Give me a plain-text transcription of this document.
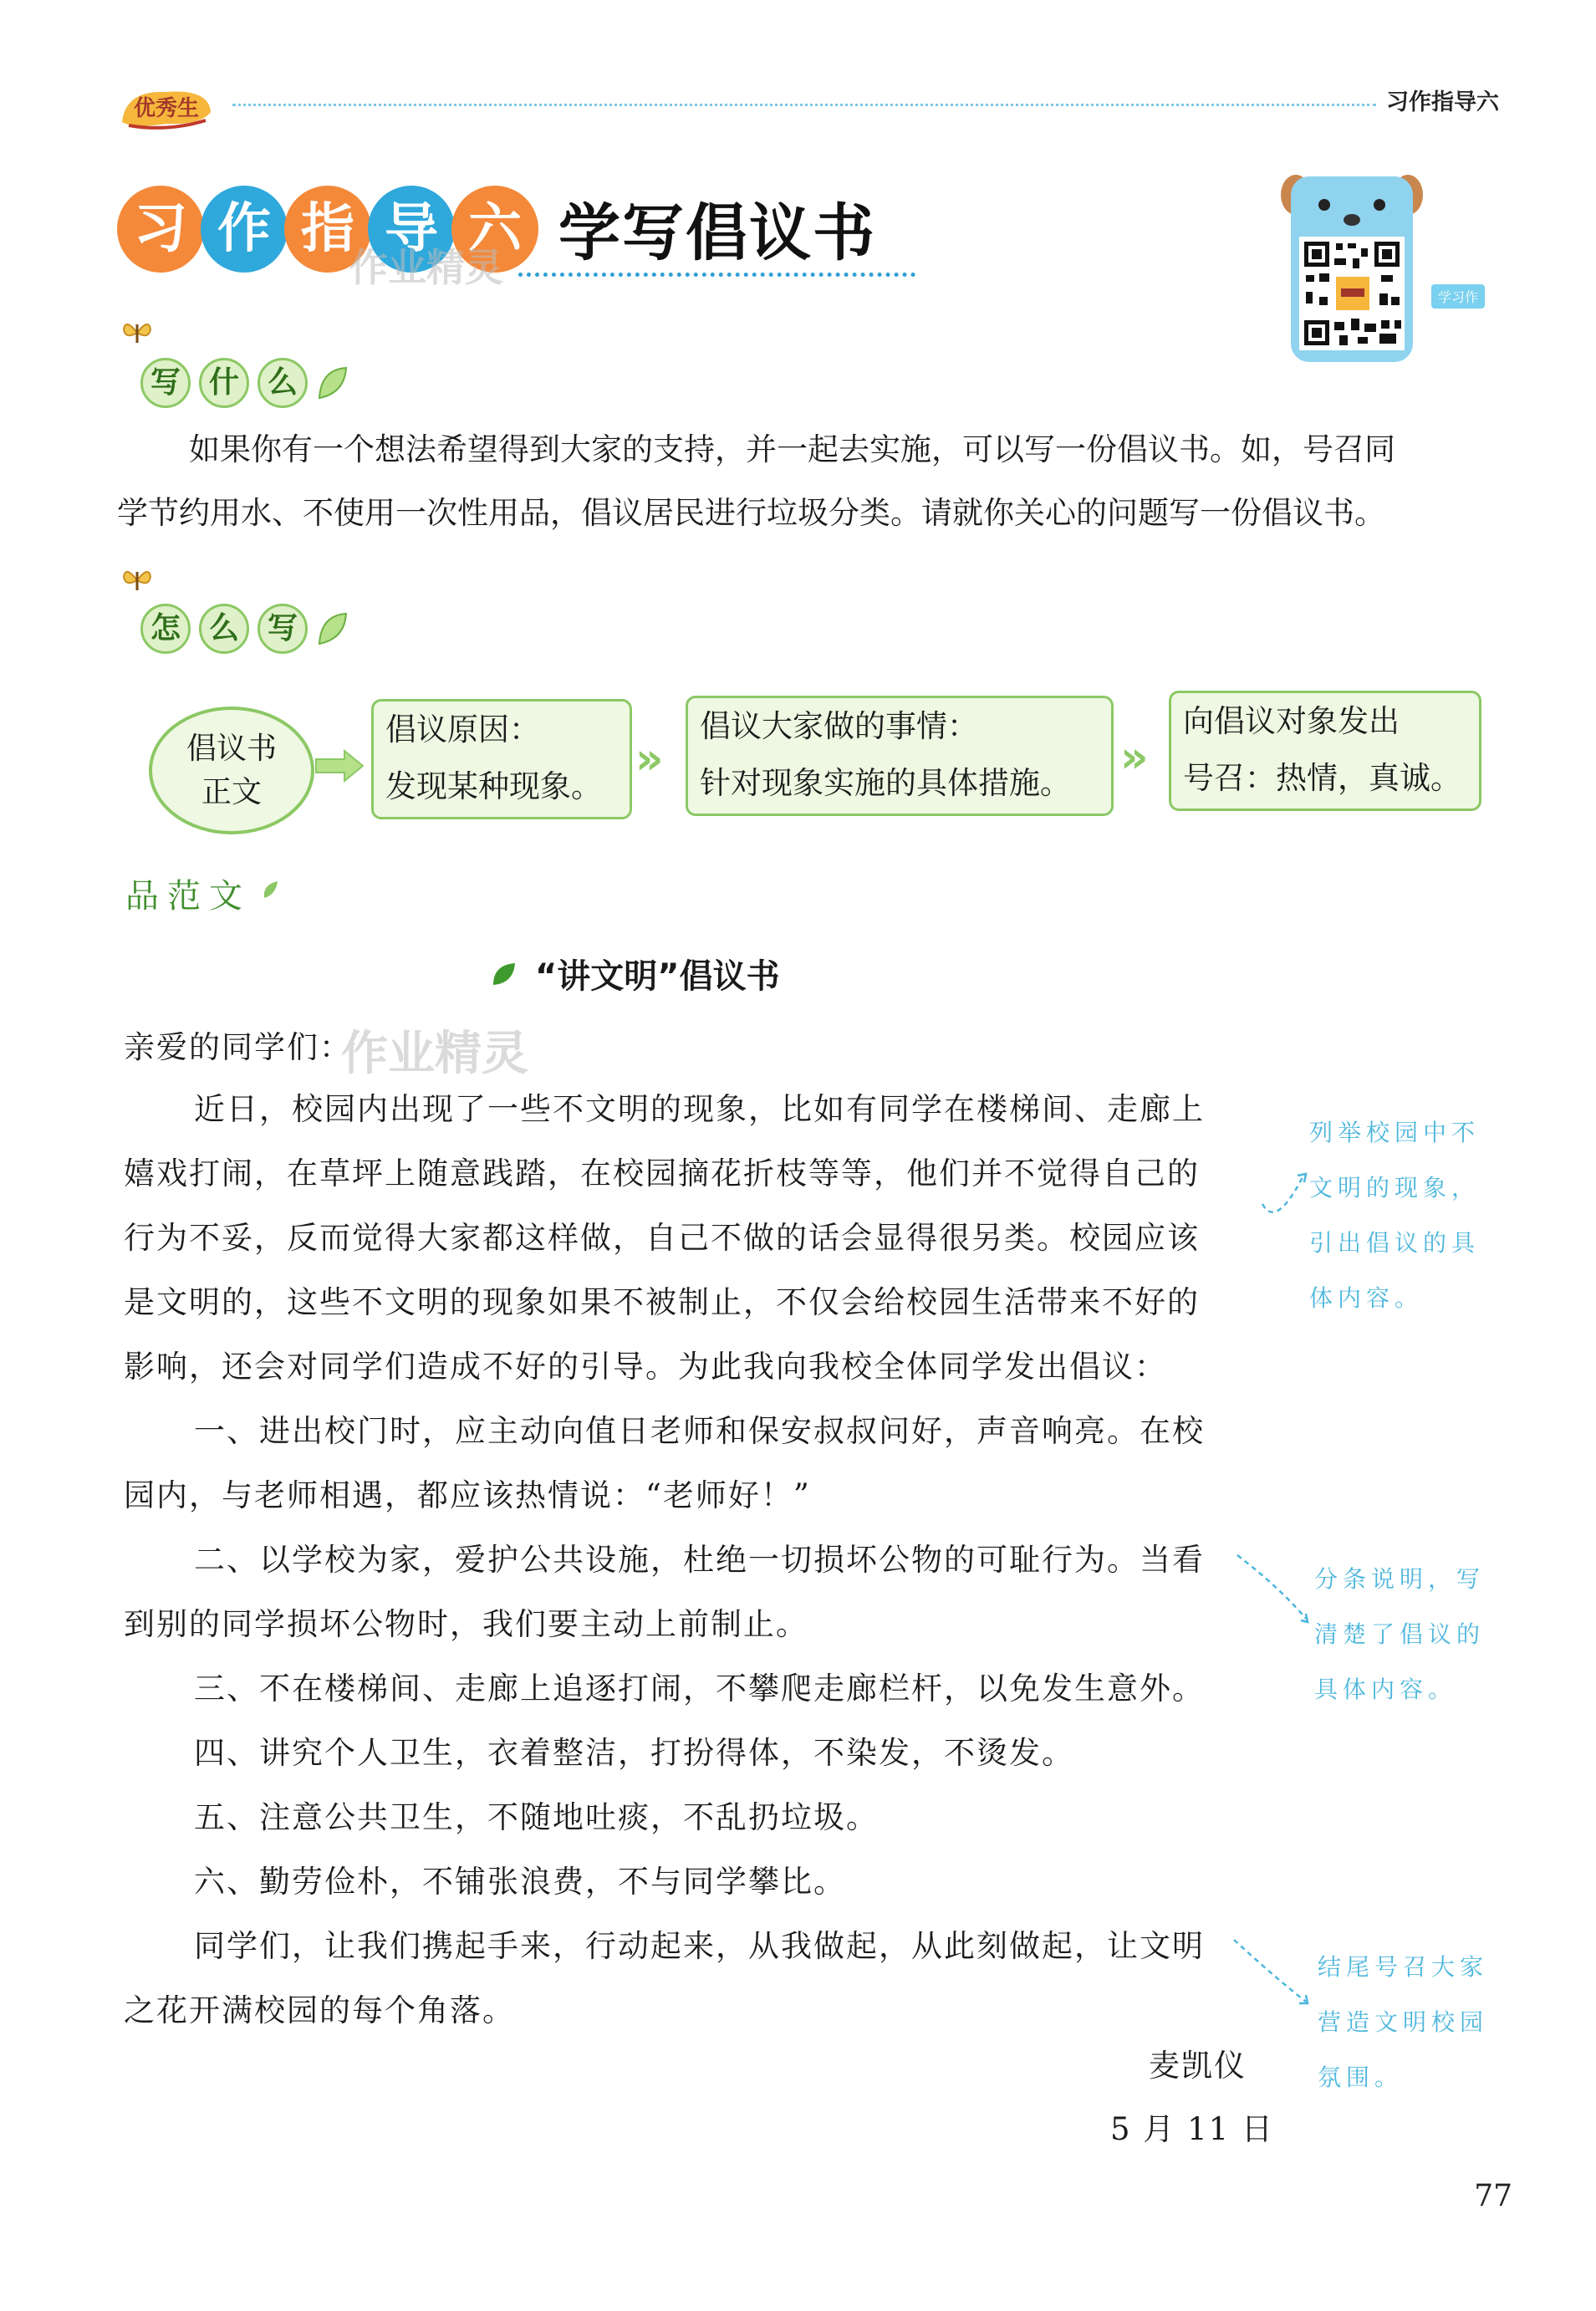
优秀生	习作指导六
习 作 指 导 六
作业精灵 学写倡议书
学习作
写 什 么
如果你有一个想法希望得到大家的支持，并一起去实施，可以写一份倡议书。如，号召同
学节约用水、不使用一次性用品，倡议居民进行垃圾分类。请就你关心的问题写一份倡议书。
怎 么 写
倡议书
正文
倡议原因：
发现某种现象。
»
倡议大家做的事情：
针对现象实施的具体措施。
»
向倡议对象发出
号召：热情，真诚。
品范文
“讲文明”倡议书
亲爱的同学们：
作业精灵
近日，校园内出现了一些不文明的现象，比如有同学在楼梯间、走廊上
嬉戏打闹，在草坪上随意践踏，在校园摘花折枝等等，他们并不觉得自己的
行为不妥，反而觉得大家都这样做，自己不做的话会显得很另类。校园应该
是文明的，这些不文明的现象如果不被制止，不仅会给校园生活带来不好的
影响，还会对同学们造成不好的引导。为此我向我校全体同学发出倡议：
一、进出校门时，应主动向值日老师和保安叔叔问好，声音响亮。在校
园内，与老师相遇，都应该热情说：“老师好！”
二、以学校为家，爱护公共设施，杜绝一切损坏公物的可耻行为。当看
到别的同学损坏公物时，我们要主动上前制止。
三、不在楼梯间、走廊上追逐打闹，不攀爬走廊栏杆，以免发生意外。
四、讲究个人卫生，衣着整洁，打扮得体，不染发，不烫发。
五、注意公共卫生，不随地吐痰，不乱扔垃圾。
六、勤劳俭朴，不铺张浪费，不与同学攀比。
同学们，让我们携起手来，行动起来，从我做起，从此刻做起，让文明
之花开满校园的每个角落。
麦凯仪
5 月 11 日
列举校园中不
文明的现象，
引出倡议的具
体内容。
分条说明，写
清楚了倡议的
具体内容。
结尾号召大家
营造文明校园
氛围。
77
